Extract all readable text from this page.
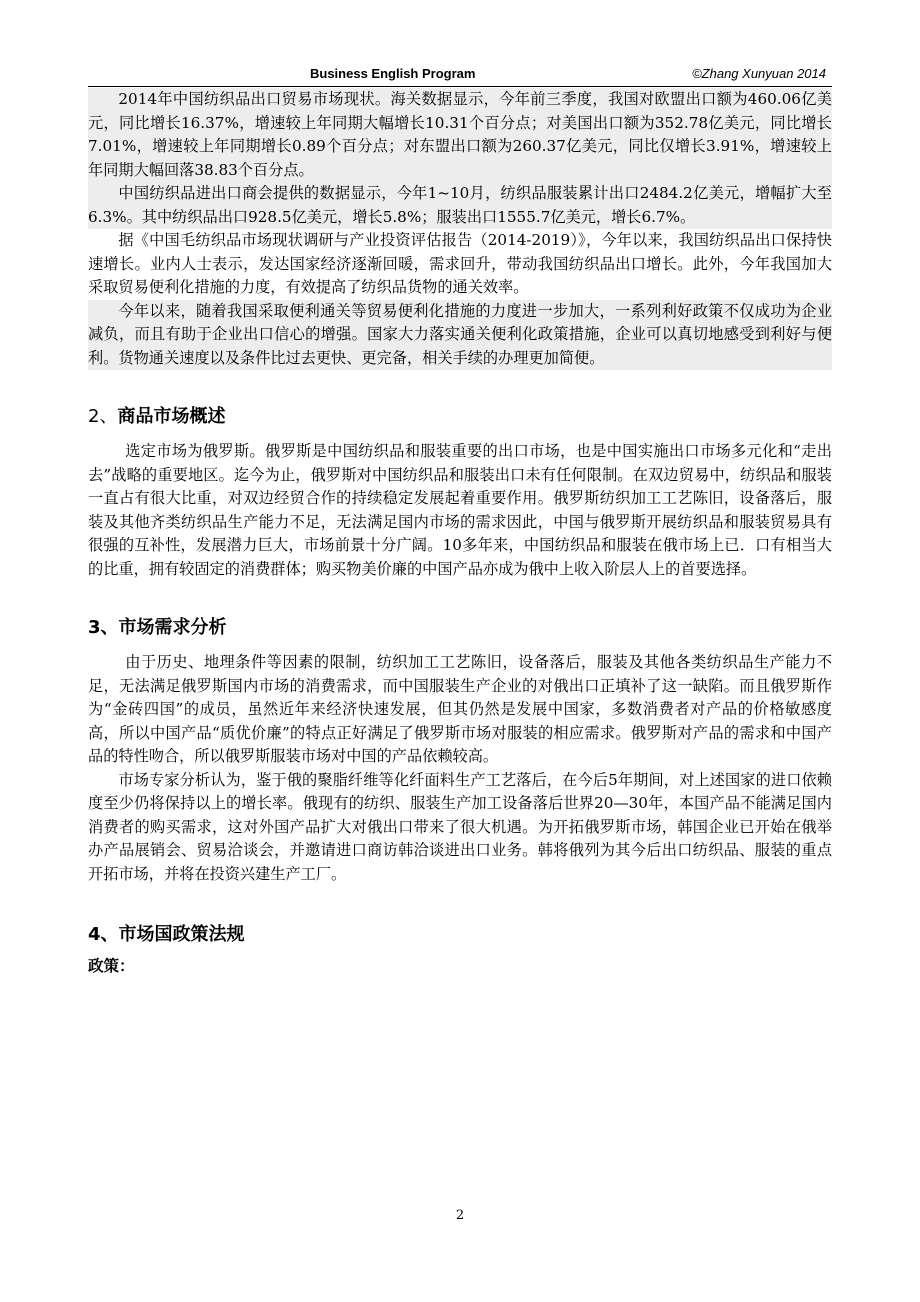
Business English Program	©Zhang Xunyuan 2014

2014年中国纺织品出口贸易市场现状。海关数据显示，今年前三季度，我国对欧盟出口额为460.06亿美元，同比增长16.37%，增速较上年同期大幅增长10.31个百分点；对美国出口额为352.78亿美元，同比增长7.01%，增速较上年同期增长0.89个百分点；对东盟出口额为260.37亿美元，同比仅增长3.91%，增速较上年同期大幅回落38.83个百分点。

中国纺织品进出口商会提供的数据显示，今年1~10月，纺织品服装累计出口2484.2亿美元，增幅扩大至6.3%。其中纺织品出口928.5亿美元，增长5.8%；服装出口1555.7亿美元，增长6.7%。

据《中国毛纺织品市场现状调研与产业投资评估报告（2014-2019）》，今年以来，我国纺织品出口保持快速增长。业内人士表示，发达国家经济逐渐回暖，需求回升，带动我国纺织品出口增长。此外，今年我国加大采取贸易便利化措施的力度，有效提高了纺织品货物的通关效率。

今年以来，随着我国采取便利通关等贸易便利化措施的力度进一步加大，一系列利好政策不仅成功为企业减负，而且有助于企业出口信心的增强。国家大力落实通关便利化政策措施，企业可以真切地感受到利好与便利。货物通关速度以及条件比过去更快、更完备，相关手续的办理更加简便。

2、商品市场概述

选定市场为俄罗斯。俄罗斯是中国纺织品和服装重要的出口市场，也是中国实施出口市场多元化和“走出去”战略的重要地区。迄今为止，俄罗斯对中国纺织品和服装出口未有任何限制。在双边贸易中，纺织品和服装一直占有很大比重，对双边经贸合作的持续稳定发展起着重要作用。俄罗斯纺织加工工艺陈旧，设备落后，服装及其他齐类纺织品生产能力不足，无法满足国内市场的需求因此，中国与俄罗斯开展纺织品和服装贸易具有很强的互补性，发展潜力巨大，市场前景十分广阔。10多年来，中国纺织品和服装在俄市场上已．口有相当大的比重，拥有较固定的消费群体；购买物美价廉的中国产品亦成为俄中上收入阶层人上的首要选择。

3、市场需求分析

由于历史、地理条件等因素的限制，纺织加工工艺陈旧，设备落后，服装及其他各类纺织品生产能力不足，无法满足俄罗斯国内市场的消费需求，而中国服装生产企业的对俄出口正填补了这一缺陷。而且俄罗斯作为“金砖四国”的成员，虽然近年来经济快速发展，但其仍然是发展中国家，多数消费者对产品的价格敏感度高，所以中国产品“质优价廉”的特点正好满足了俄罗斯市场对服装的相应需求。俄罗斯对产品的需求和中国产品的特性吻合，所以俄罗斯服装市场对中国的产品依赖较高。

市场专家分析认为，鉴于俄的聚脂纤维等化纤面料生产工艺落后，在今后5年期间，对上述国家的进口依赖度至少仍将保持以上的增长率。俄现有的纺织、服装生产加工设备落后世界20—30年，本国产品不能满足国内消费者的购买需求，这对外国产品扩大对俄出口带来了很大机遇。为开拓俄罗斯市场，韩国企业已开始在俄举办产品展销会、贸易洽谈会，并邀请进口商访韩洽谈进出口业务。韩将俄列为其今后出口纺织品、服装的重点开拓市场，并将在投资兴建生产工厂。

4、市场国政策法规

政策：

2
